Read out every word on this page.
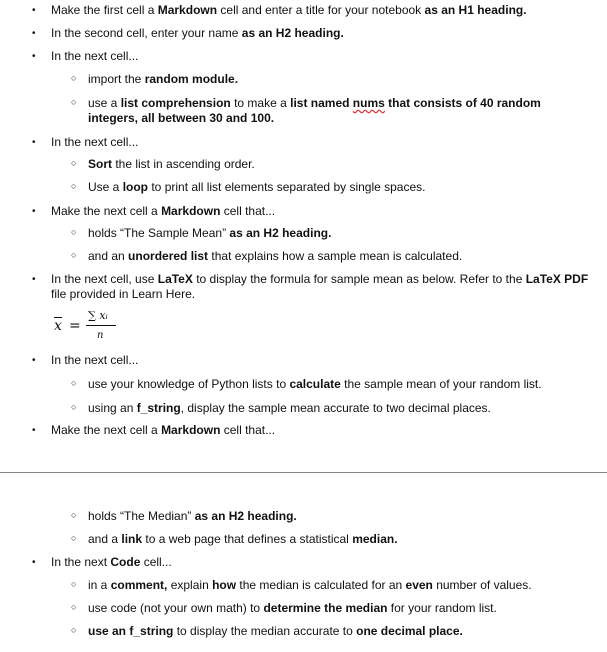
• Make the first cell a Markdown cell and enter a title for your notebook as an H1 heading.
• In the second cell, enter your name as an H2 heading.
• In the next cell...
○ import the random module.
○ use a list comprehension to make a list named nums that consists of 40 random integers, all between 30 and 100.
• In the next cell...
○ Sort the list in ascending order.
○ Use a loop to print all list elements separated by single spaces.
• Make the next cell a Markdown cell that...
○ holds “The Sample Mean” as an H2 heading.
○ and an unordered list that explains how a sample mean is calculated.
• In the next cell, use LaTeX to display the formula for sample mean as below. Refer to the LaTeX PDF file provided in Learn Here.
• In the next cell...
○ use your knowledge of Python lists to calculate the sample mean of your random list.
○ using an f_string, display the sample mean accurate to two decimal places.
• Make the next cell a Markdown cell that...
○ holds “The Median” as an H2 heading.
○ and a link to a web page that defines a statistical median.
• In the next Code cell...
○ in a comment, explain how the median is calculated for an even number of values.
○ use code (not your own math) to determine the median for your random list.
○ use an f_string to display the median accurate to one decimal place.
x =
∑ xᵢ
n
